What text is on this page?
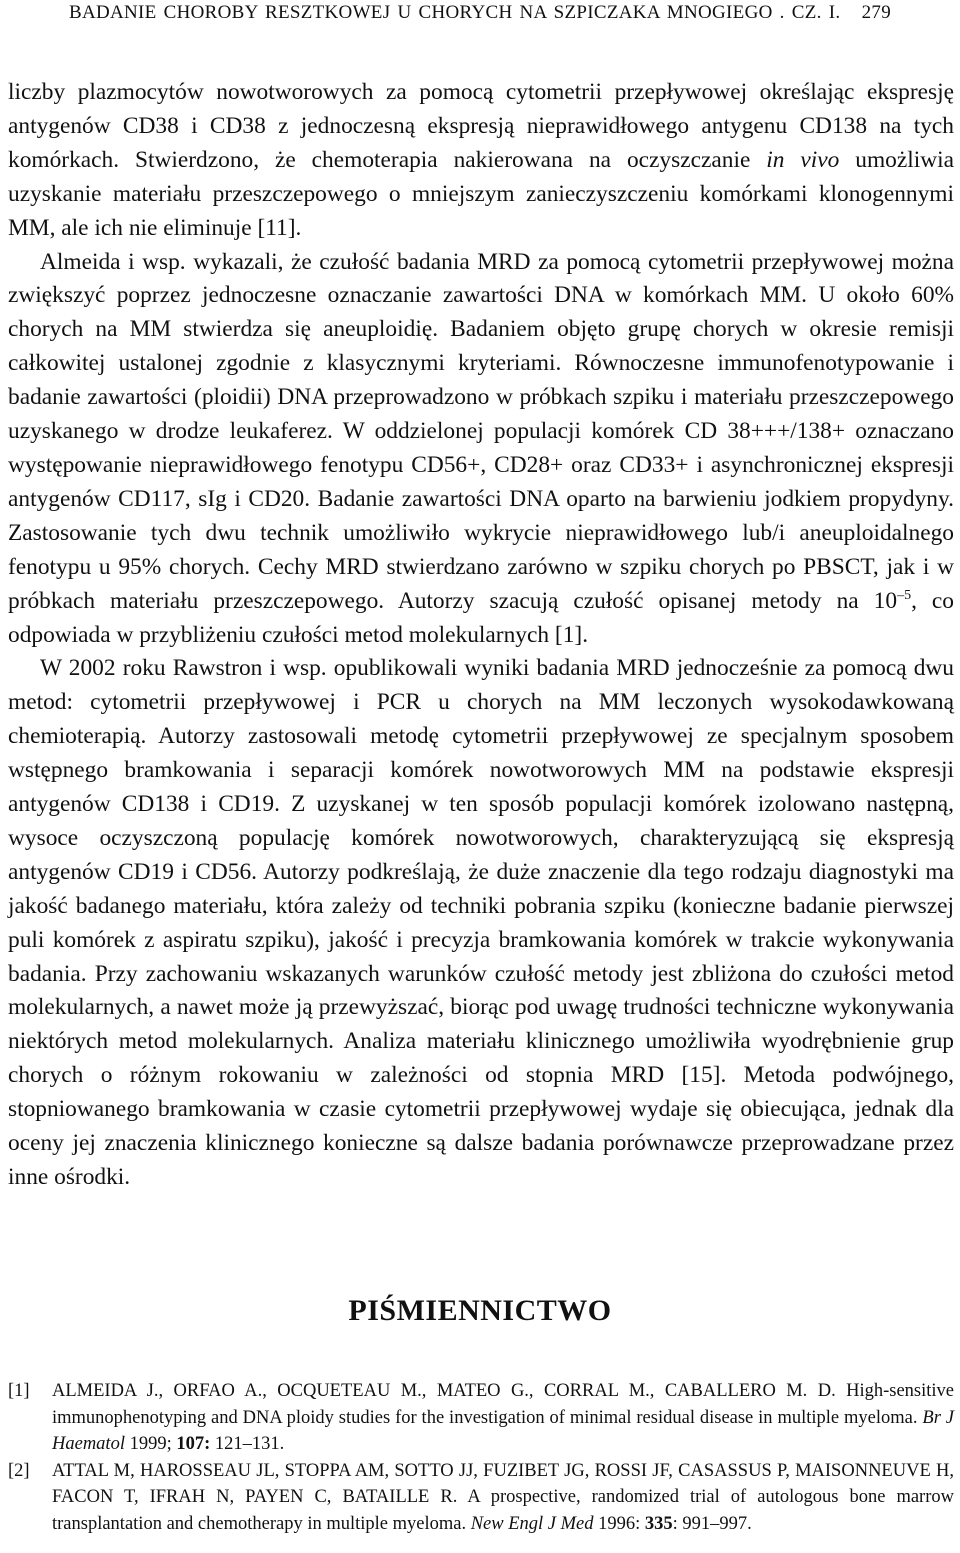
BADANIE CHOROBY RESZTKOWEJ U CHORYCH NA SZPICZAKA MNOGIEGO . CZ. I. 279

liczby plazmocytów nowotworowych za pomocą cytometrii przepływowej określając ekspresję antygenów CD38 i CD38 z jednoczesną ekspresją nieprawidłowego antygenu CD138 na tych komórkach. Stwierdzono, że chemoterapia nakierowana na oczyszczanie in vivo umożliwia uzyskanie materiału przeszczepowego o mniejszym zanieczyszczeniu komórkami klonogennymi MM, ale ich nie eliminuje [11].

Almeida i wsp. wykazali, że czułość badania MRD za pomocą cytometrii przepływowej można zwiększyć poprzez jednoczesne oznaczanie zawartości DNA w komórkach MM. U około 60% chorych na MM stwierdza się aneuploidię. Badaniem objęto grupę chorych w okresie remisji całkowitej ustalonej zgodnie z klasycznymi kryteriami. Równoczesne immunofenotypowanie i badanie zawartości (ploidii) DNA przeprowadzono w próbkach szpiku i materiału przeszczepowego uzyskanego w drodze leukaferez. W oddzielonej populacji komórek CD 38+++/138+ oznaczano występowanie nieprawidłowego fenotypu CD56+, CD28+ oraz CD33+ i asynchronicznej ekspresji antygenów CD117, sIg i CD20. Badanie zawartości DNA oparto na barwieniu jodkiem propydyny. Zastosowanie tych dwu technik umożliwiło wykrycie nieprawidłowego lub/i aneuploidalnego fenotypu u 95% chorych. Cechy MRD stwierdzano zarówno w szpiku chorych po PBSCT, jak i w próbkach materiału przeszczepowego. Autorzy szacują czułość opisanej metody na $10^{-5}$, co odpowiada w przybliżeniu czułości metod molekularnych [1].

W 2002 roku Rawstron i wsp. opublikowali wyniki badania MRD jednocześnie za pomocą dwu metod: cytometrii przepływowej i PCR u chorych na MM leczonych wysokodawkowaną chemioterapią. Autorzy zastosowali metodę cytometrii przepływowej ze specjalnym sposobem wstępnego bramkowania i separacji komórek nowotworowych MM na podstawie ekspresji antygenów CD138 i CD19. Z uzyskanej w ten sposób populacji komórek izolowano następną, wysoce oczyszczoną populację komórek nowotworowych, charakteryzującą się ekspresją antygenów CD19 i CD56. Autorzy podkreślają, że duże znaczenie dla tego rodzaju diagnostyki ma jakość badanego materiału, która zależy od techniki pobrania szpiku (konieczne badanie pierwszej puli komórek z aspiratu szpiku), jakość i precyzja bramkowania komórek w trakcie wykonywania badania. Przy zachowaniu wskazanych warunków czułość metody jest zbliżona do czułości metod molekularnych, a nawet może ją przewyższać, biorąc pod uwagę trudności techniczne wykonywania niektórych metod molekularnych. Analiza materiału klinicznego umożliwiła wyodrębnienie grup chorych o różnym rokowaniu w zależności od stopnia MRD [15]. Metoda podwójnego, stopniowanego bramkowania w czasie cytometrii przepływowej wydaje się obiecująca, jednak dla oceny jej znaczenia klinicznego konieczne są dalsze badania porównawcze przeprowadzane przez inne ośrodki.

PIŚMIENNICTWO
[1] ALMEIDA J., ORFAO A., OCQUETEAU M., MATEO G., CORRAL M., CABALLERO M. D. High-sensitive immunophenotyping and DNA ploidy studies for the investigation of minimal residual disease in multiple myeloma. Br J Haematol 1999; 107: 121–131.
[2] ATTAL M, HAROSSEAU JL, STOPPA AM, SOTTO JJ, FUZIBET JG, ROSSI JF, CASASSUS P, MAISONNEUVE H, FACON T, IFRAH N, PAYEN C, BATAILLE R. A prospective, randomized trial of autologous bone marrow transplantation and chemotherapy in multiple myeloma. New Engl J Med 1996: 335: 991–997.
